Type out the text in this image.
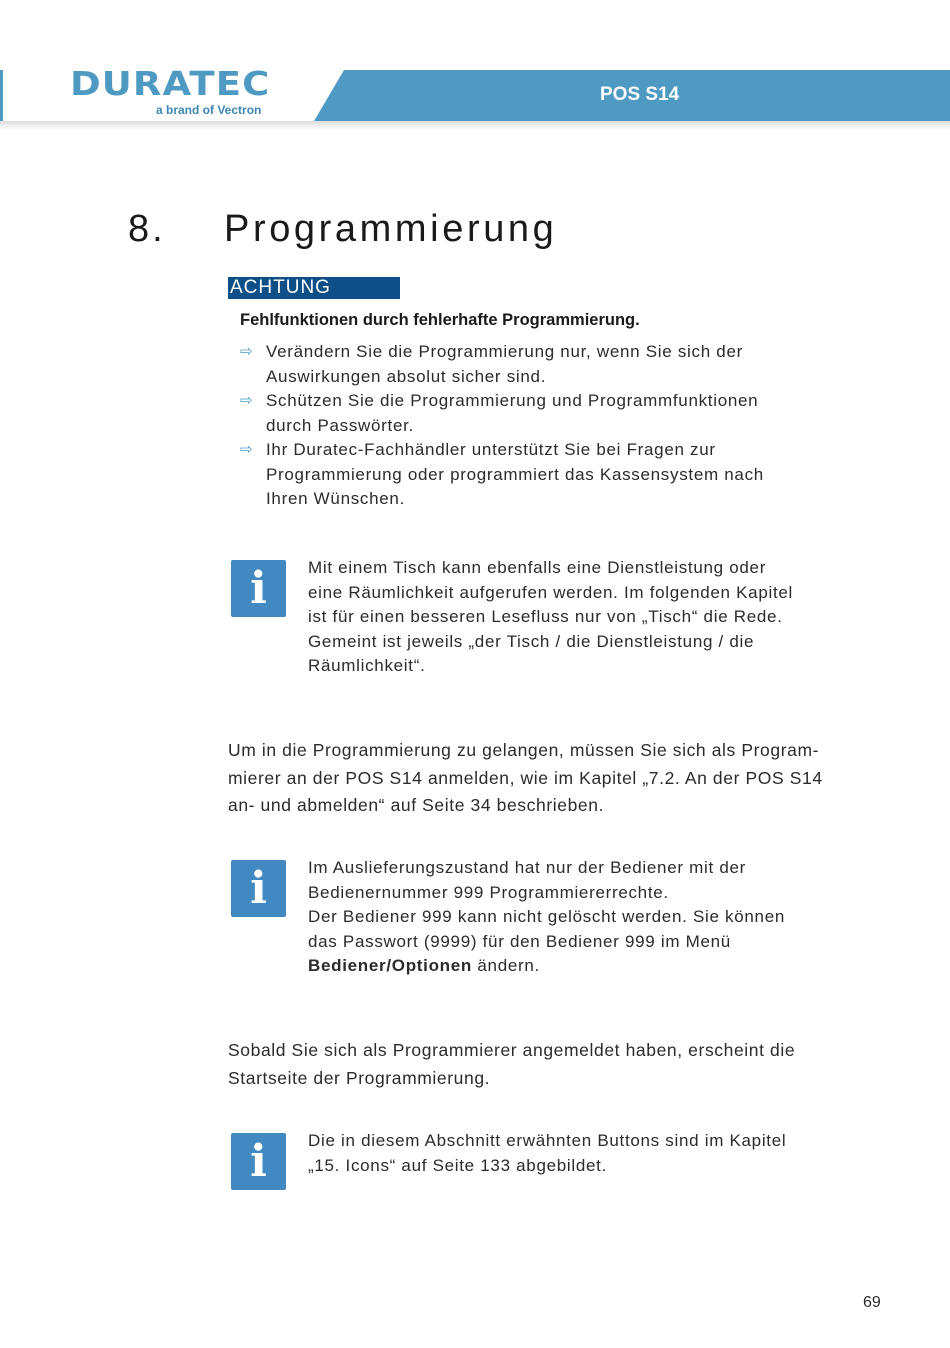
DURATEC
a brand of Vectron
POS S14
8. Programmierung
ACHTUNG
Fehlfunktionen durch fehlerhafte Programmierung.
⇨ Verändern Sie die Programmierung nur, wenn Sie sich der
Auswirkungen absolut sicher sind.
⇨ Schützen Sie die Programmierung und Programmfunktionen
durch Passwörter.
⇨ Ihr Duratec-Fachhändler unterstützt Sie bei Fragen zur
Programmierung oder programmiert das Kassensystem nach
Ihren Wünschen.
i	Mit einem Tisch kann ebenfalls eine Dienstleistung oder
eine Räumlichkeit aufgerufen werden. Im folgenden Kapitel
ist für einen besseren Lesefluss nur von „Tisch“ die Rede.
Gemeint ist jeweils „der Tisch / die Dienstleistung / die
Räumlichkeit“.
Um in die Programmierung zu gelangen, müssen Sie sich als Program-
mierer an der POS S14 anmelden, wie im Kapitel „7.2. An der POS S14
an- und abmelden“ auf Seite 34 beschrieben.
i	Im Auslieferungszustand hat nur der Bediener mit der
Bedienernummer 999 Programmiererrechte.
Der Bediener 999 kann nicht gelöscht werden. Sie können
das Passwort (9999) für den Bediener 999 im Menü
Bediener/Optionen ändern.
Sobald Sie sich als Programmierer angemeldet haben, erscheint die
Startseite der Programmierung.
i	Die in diesem Abschnitt erwähnten Buttons sind im Kapitel
„15. Icons“ auf Seite 133 abgebildet.
69
